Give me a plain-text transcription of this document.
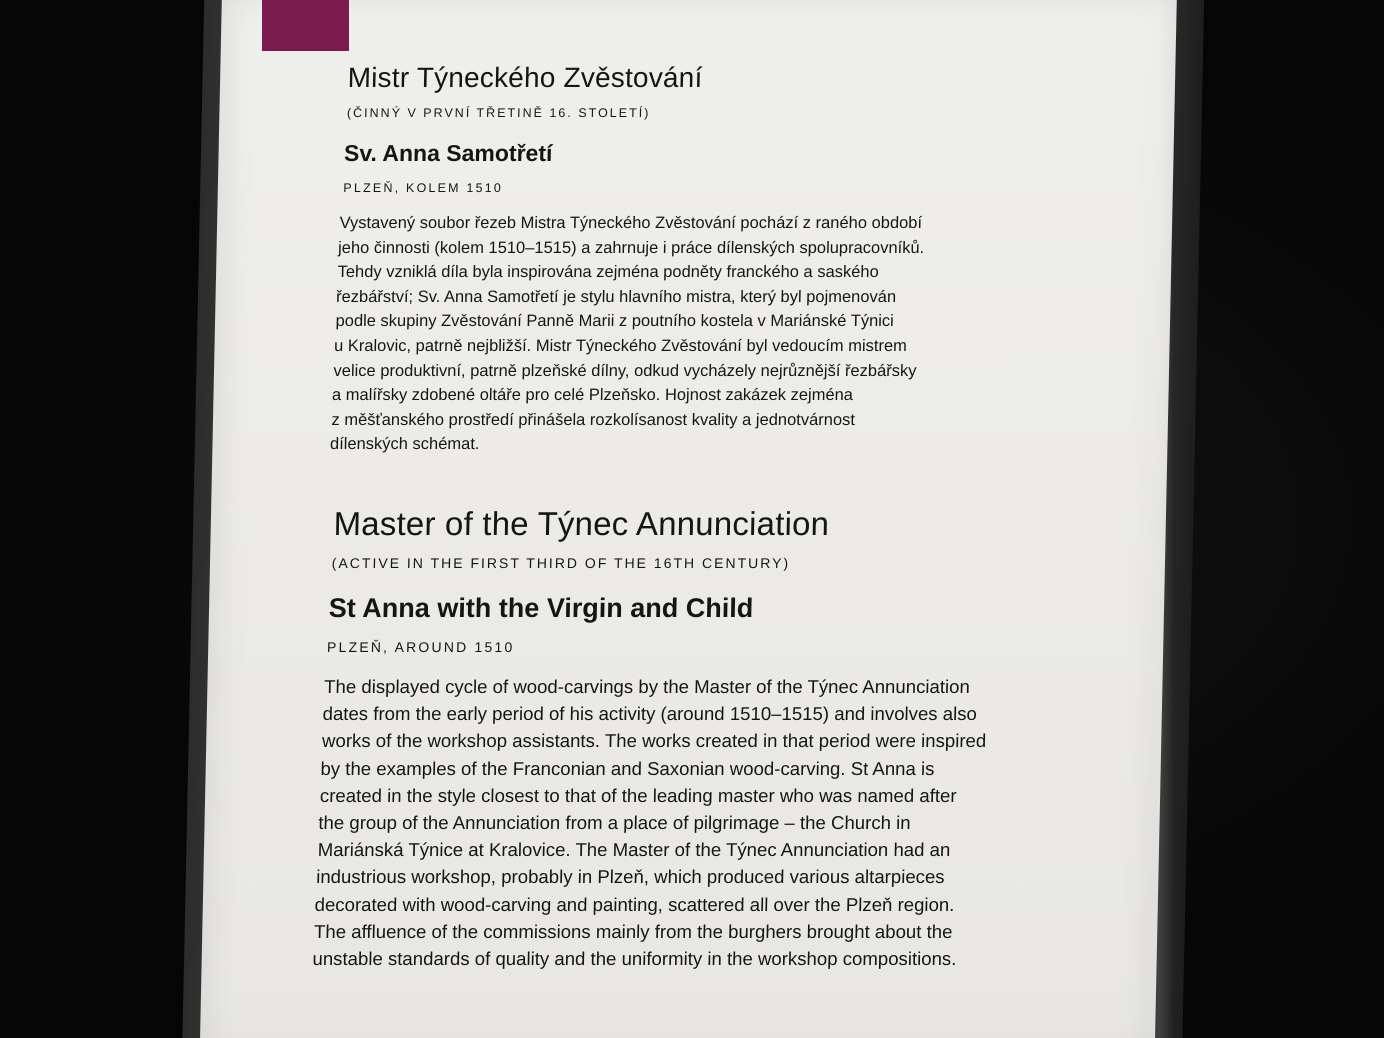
Mistr Týneckého Zvěstování

(ČINNÝ V PRVNÍ TŘETINĚ 16. STOLETÍ)

Sv. Anna Samotřetí

PLZEŇ, KOLEM 1510

Vystavený soubor řezeb Mistra Týneckého Zvěstování pochází z raného období
jeho činnosti (kolem 1510–1515) a zahrnuje i práce dílenských spolupracovníků.
Tehdy vzniklá díla byla inspirována zejména podněty franckého a saského
řezbářství; Sv. Anna Samotřetí je stylu hlavního mistra, který byl pojmenován
podle skupiny Zvěstování Panně Marii z poutního kostela v Mariánské Týnici
u Kralovic, patrně nejbližší. Mistr Týneckého Zvěstování byl vedoucím mistrem
velice produktivní, patrně plzeňské dílny, odkud vycházely nejrůznější řezbářsky
a malířsky zdobené oltáře pro celé Plzeňsko. Hojnost zakázek zejména
z měšťanského prostředí přinášela rozkolísanost kvality a jednotvárnost
dílenských schémat.
Master of the Týnec Annunciation

(ACTIVE IN THE FIRST THIRD OF THE 16TH CENTURY)

St Anna with the Virgin and Child

PLZEŇ, AROUND 1510

The displayed cycle of wood-carvings by the Master of the Týnec Annunciation
dates from the early period of his activity (around 1510–1515) and involves also
works of the workshop assistants. The works created in that period were inspired
by the examples of the Franconian and Saxonian wood-carving. St Anna is
created in the style closest to that of the leading master who was named after
the group of the Annunciation from a place of pilgrimage – the Church in
Mariánská Týnice at Kralovice. The Master of the Týnec Annunciation had an
industrious workshop, probably in Plzeň, which produced various altarpieces
decorated with wood-carving and painting, scattered all over the Plzeň region.
The affluence of the commissions mainly from the burghers brought about the
unstable standards of quality and the uniformity in the workshop compositions.
